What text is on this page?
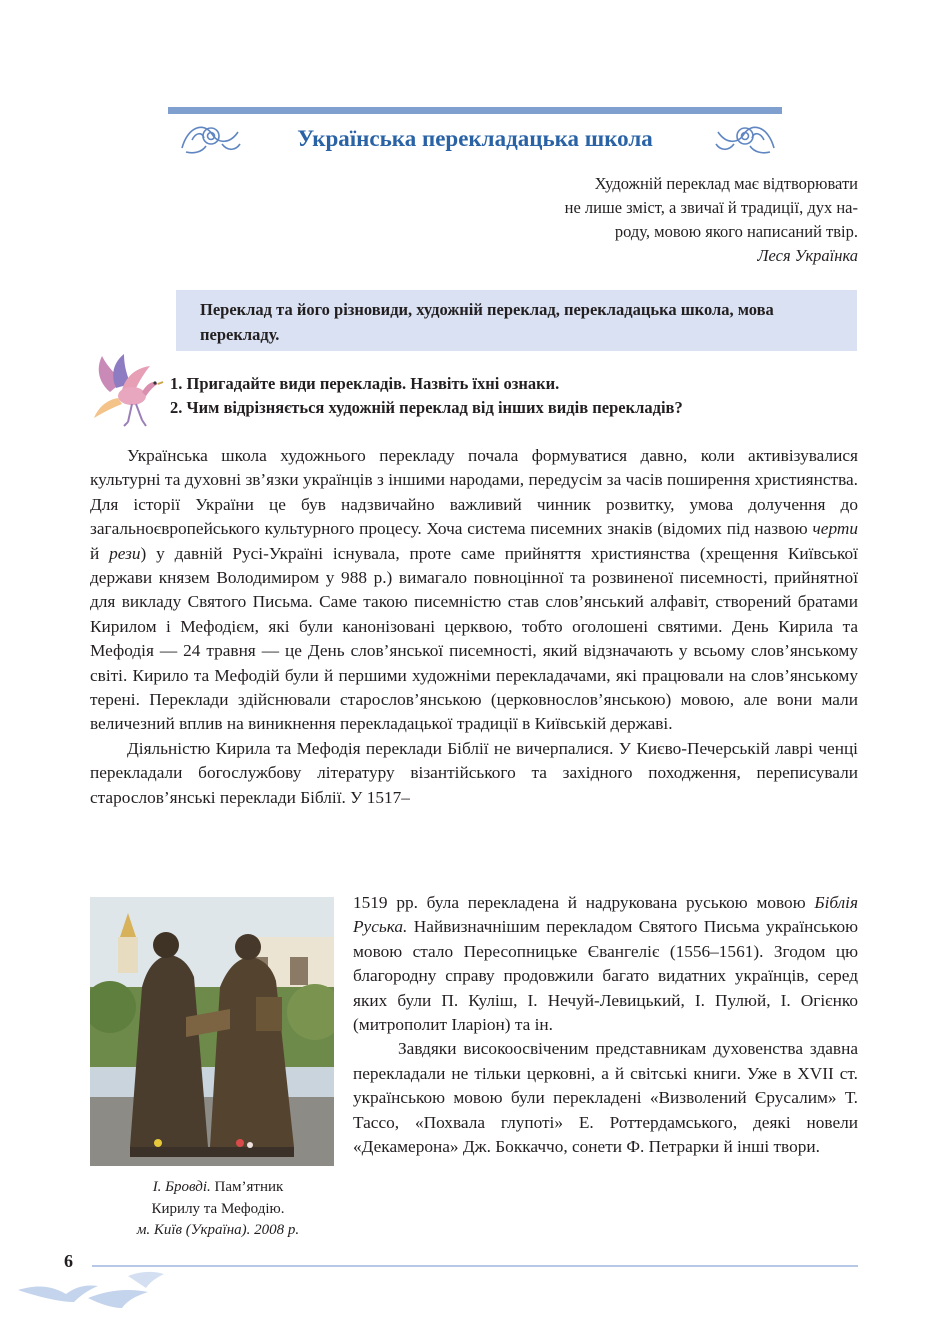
Українська перекладацька школа
Художній переклад має відтворювати
не лише зміст, а звичаї й традиції, дух на-
роду, мовою якого написаний твір.
Леся Українка
Переклад та його різновиди, художній переклад, перекладацька школа, мова перекладу.
1. Пригадайте види перекладів. Назвіть їхні ознаки.
2. Чим відрізняється художній переклад від інших видів перекладів?

Українська школа художнього перекладу почала формуватися давно, коли активізувалися культурні та духовні зв’язки українців з іншими народами, передусім за часів поширення християнства. Для історії України це був надзвичайно важливий чинник розвитку, умова долучення до загальноєвропейського культурного процесу. Хоча система писемних знаків (відомих під назвою черти й рези) у давній Русі-Україні існувала, проте саме прийняття християнства (хрещення Київської держави князем Володимиром у 988 р.) вимагало повноцінної та розвиненої писемності, прийнятної для викладу Святого Письма. Саме такою писемністю став слов’янський алфавіт, створений братами Кирилом і Мефодієм, які були канонізовані церквою, тобто оголошені святими. День Кирила та Мефодія — 24 травня — це День слов’янської писемності, який відзначають у всьому слов’янському світі. Кирило та Мефодій були й першими художніми перекладачами, які працювали на слов’янському терені. Переклади здійснювали старослов’янською (церковнослов’янською) мовою, але вони мали величезний вплив на виникнення перекладацької традиції в Київській державі.

Діяльністю Кирила та Мефодія переклади Біблії не вичерпалися. У Києво-Печерській лаврі ченці перекладали богослужбову літературу візантійського та західного походження, переписували старослов’янські переклади Біблії. У 1517–

І. Бровді. Пам’ятник
Кирилу та Мефодію.
м. Київ (Україна). 2008 р.

1519 рр. була перекладена й надрукована руською мовою Біблія Руська. Найвизначнішим перекладом Святого Письма українською мовою стало Пересопницьке Євангеліє (1556–1561). Згодом цю благородну справу продовжили багато видатних українців, серед яких були П. Куліш, І. Нечуй-Левицький, І. Пулюй, І. Огієнко (митрополит Іларіон) та ін.

Завдяки високоосвіченим представникам духовенства здавна перекладали не тільки церковні, а й світські книги. Уже в XVII ст. українською мовою були перекладені «Визволений Єрусалим» Т. Тассо, «Похвала глупоті» Е. Роттердамського, деякі новели «Декамерона» Дж. Боккаччо, сонети Ф. Петрарки й інші твори.

6
